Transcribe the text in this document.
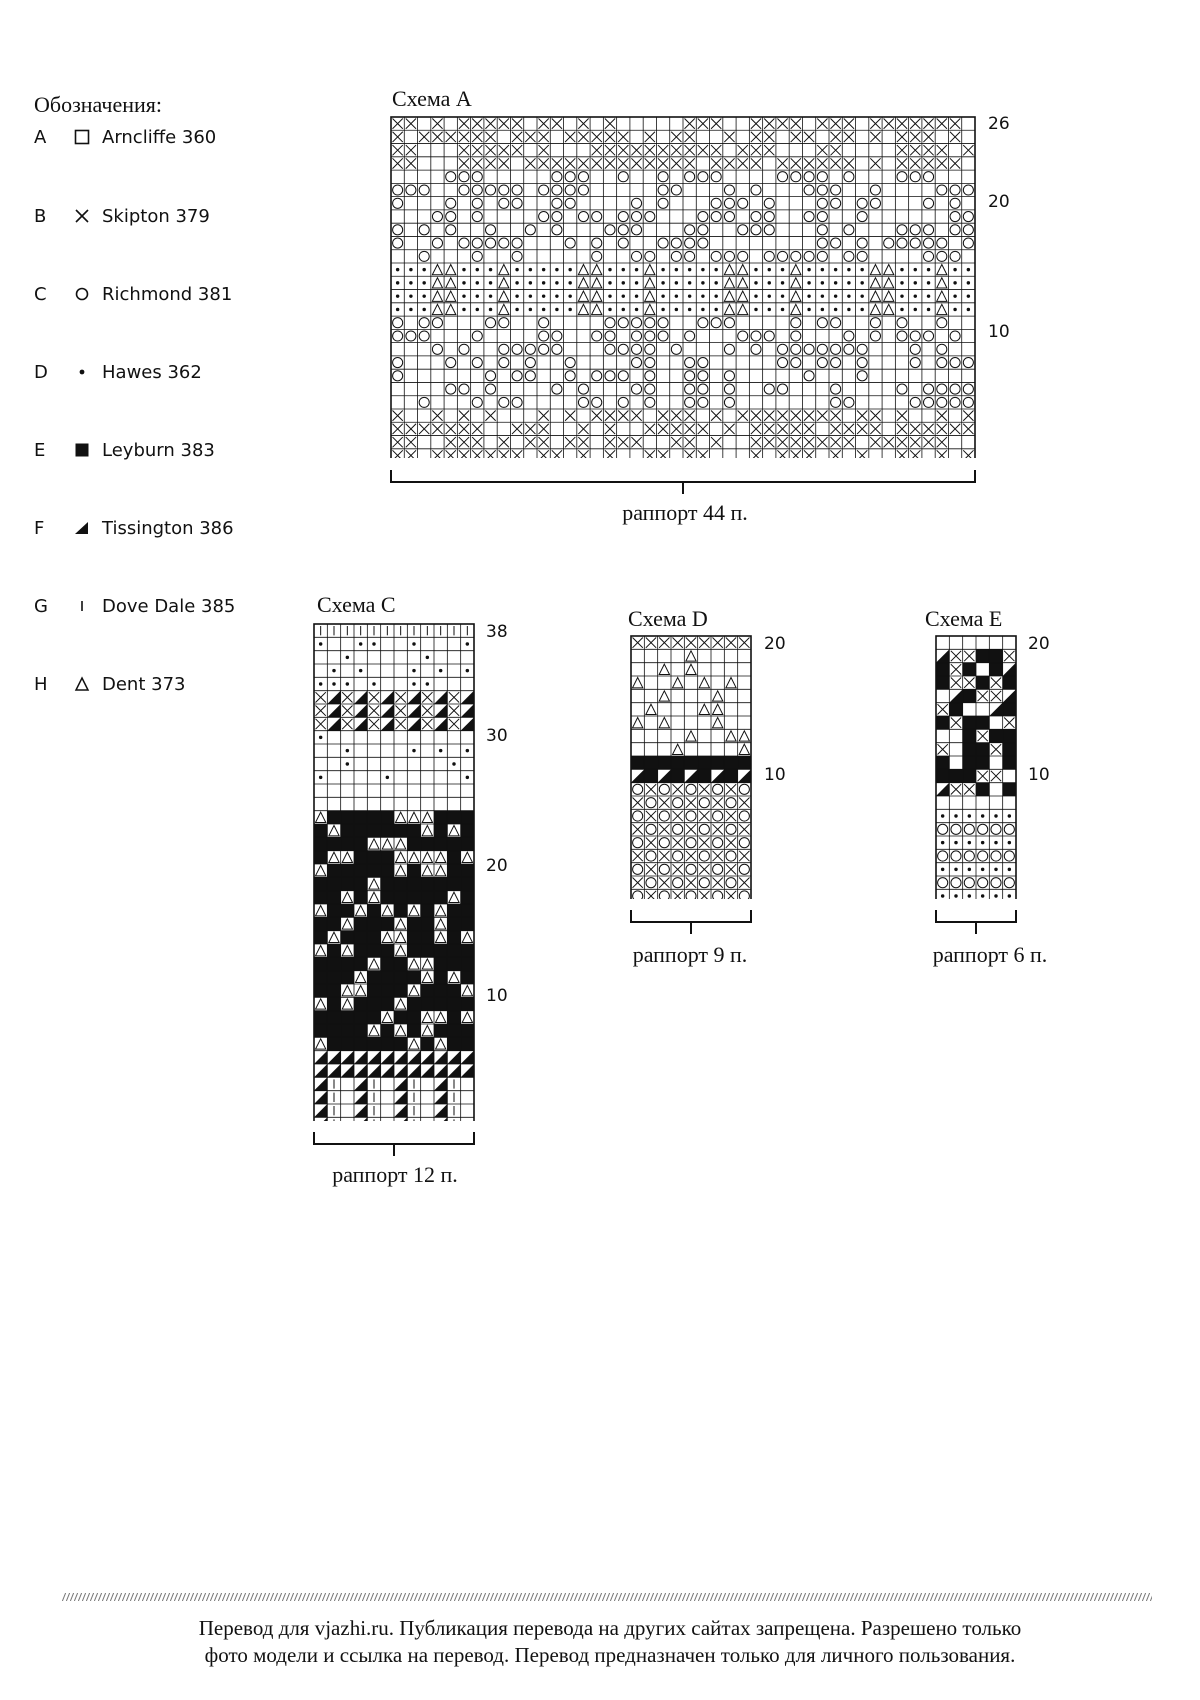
Обозначения:
A	Arncliffe 360
B	Skipton 379
C	Richmond 381
D	Hawes 362
E	Leyburn 383
F	Tissington 386
G	Dove Dale 385
H	Dent 373
Схема А
26
20
10
раппорт 44 п.
Схема С
38
30
20
10
раппорт 12 п.
Схема D
20
10
раппорт 9 п.
Схема Е
20
10
раппорт 6 п.
Перевод для vjazhi.ru. Публикация перевода на других сайтах запрещена. Разрешено только
фото модели и ссылка на перевод. Перевод предназначен только для личного пользования.
